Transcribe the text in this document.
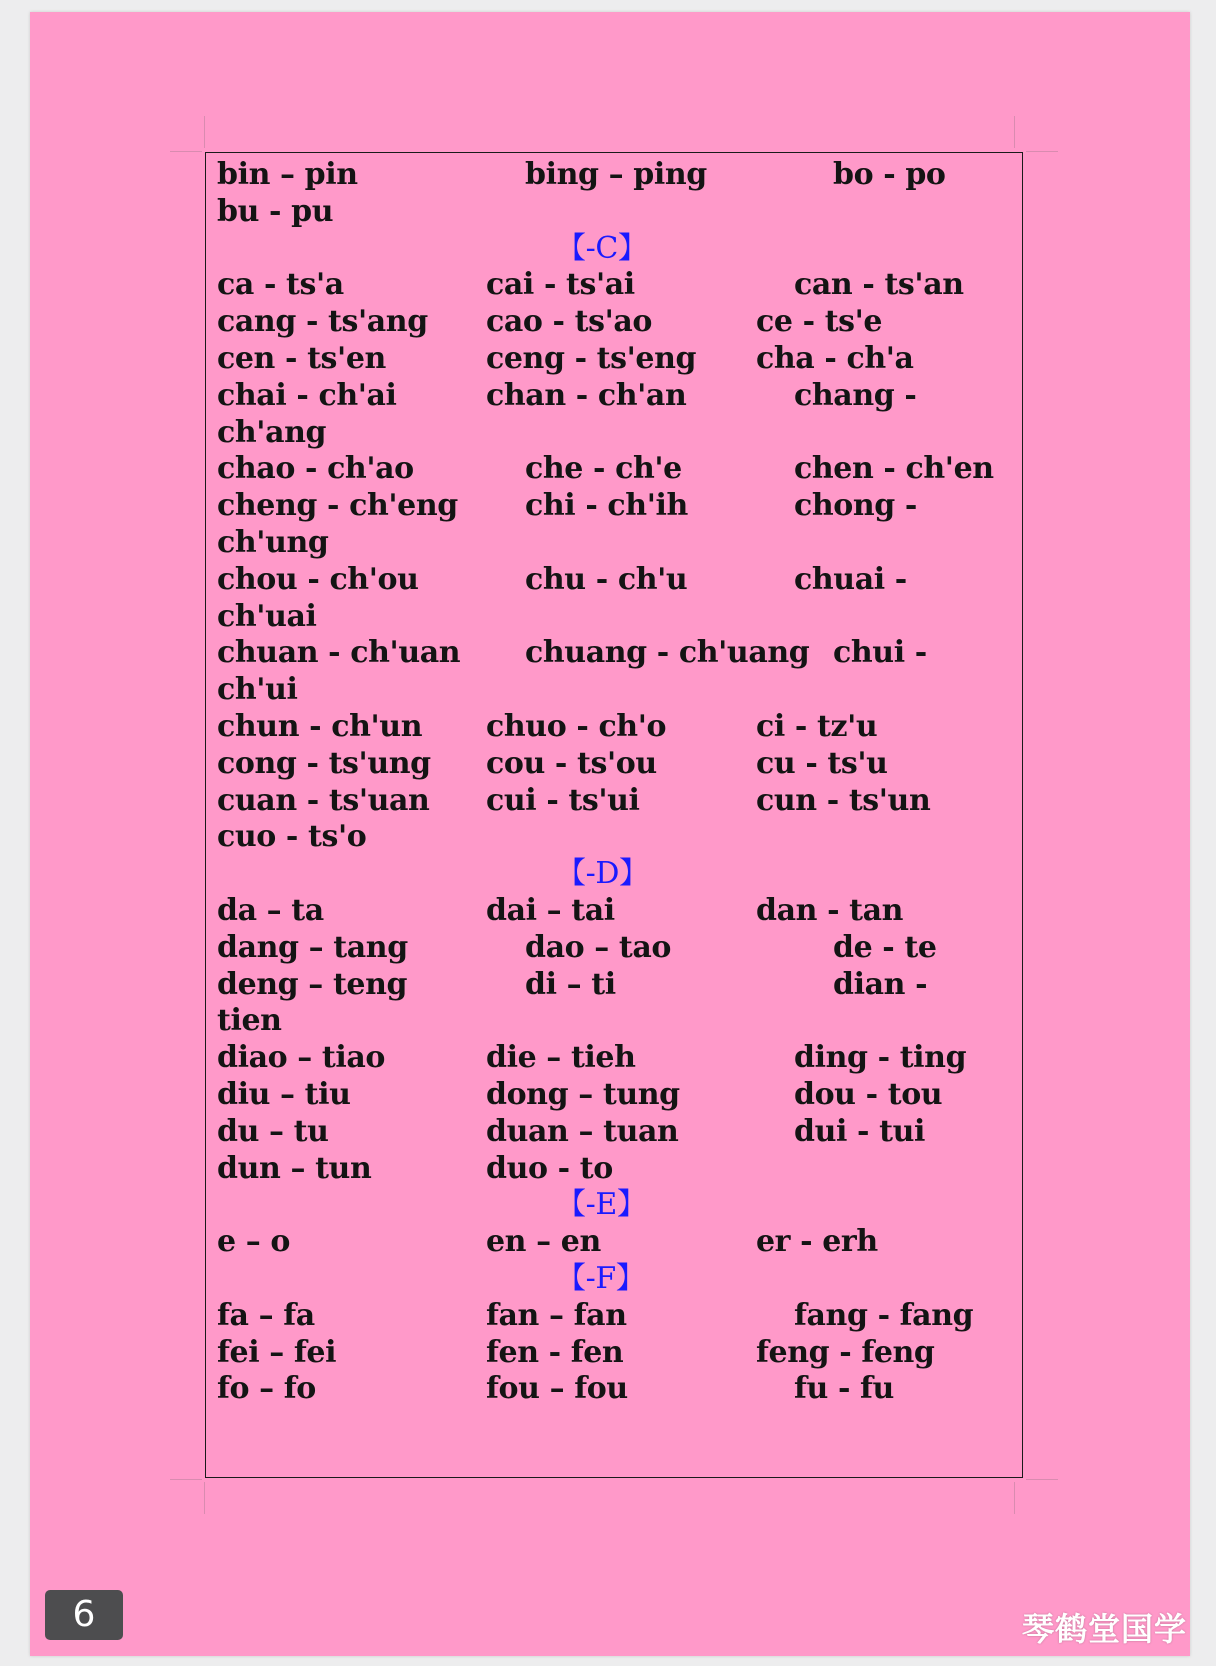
bin – pin	bing – ping	bo - po
bu - pu
【-C】
ca - ts'a	cai - ts'ai	can - ts'an
cang - ts'ang cao - ts'ao	ce - ts'e
cen - ts'en	ceng - ts'eng cha - ch'a
chai - ch'ai	chan - ch'an	chang -
ch'ang
chao - ch'ao	che - ch'e	chen - ch'en
cheng - ch'eng chi - ch'ih	chong -
ch'ung
chou - ch'ou	chu - ch'u	chuai -
ch'uai
chuan - ch'uan chuang - ch'uang chui -
ch'ui
chun - ch'un chuo - ch'o	ci - tz'u
cong - ts'ung cou - ts'ou	cu - ts'u
cuan - ts'uan cui - ts'ui	cun - ts'un
cuo - ts'o
【-D】
da – ta	dai – tai	dan - tan
dang – tang	dao – tao	de - te
deng – teng	di – ti	dian -
tien
diao – tiao	die – tieh	ding - ting
diu – tiu	dong – tung	dou - tou
du – tu	duan – tuan	dui - tui
dun – tun	duo - to
【-E】
e – o	en – en	er - erh
【-F】
fa – fa	fan – fan	fang - fang
fei – fei	fen - fen	feng - feng
fo – fo	fou – fou	fu - fu
6	琴鹤堂国学
